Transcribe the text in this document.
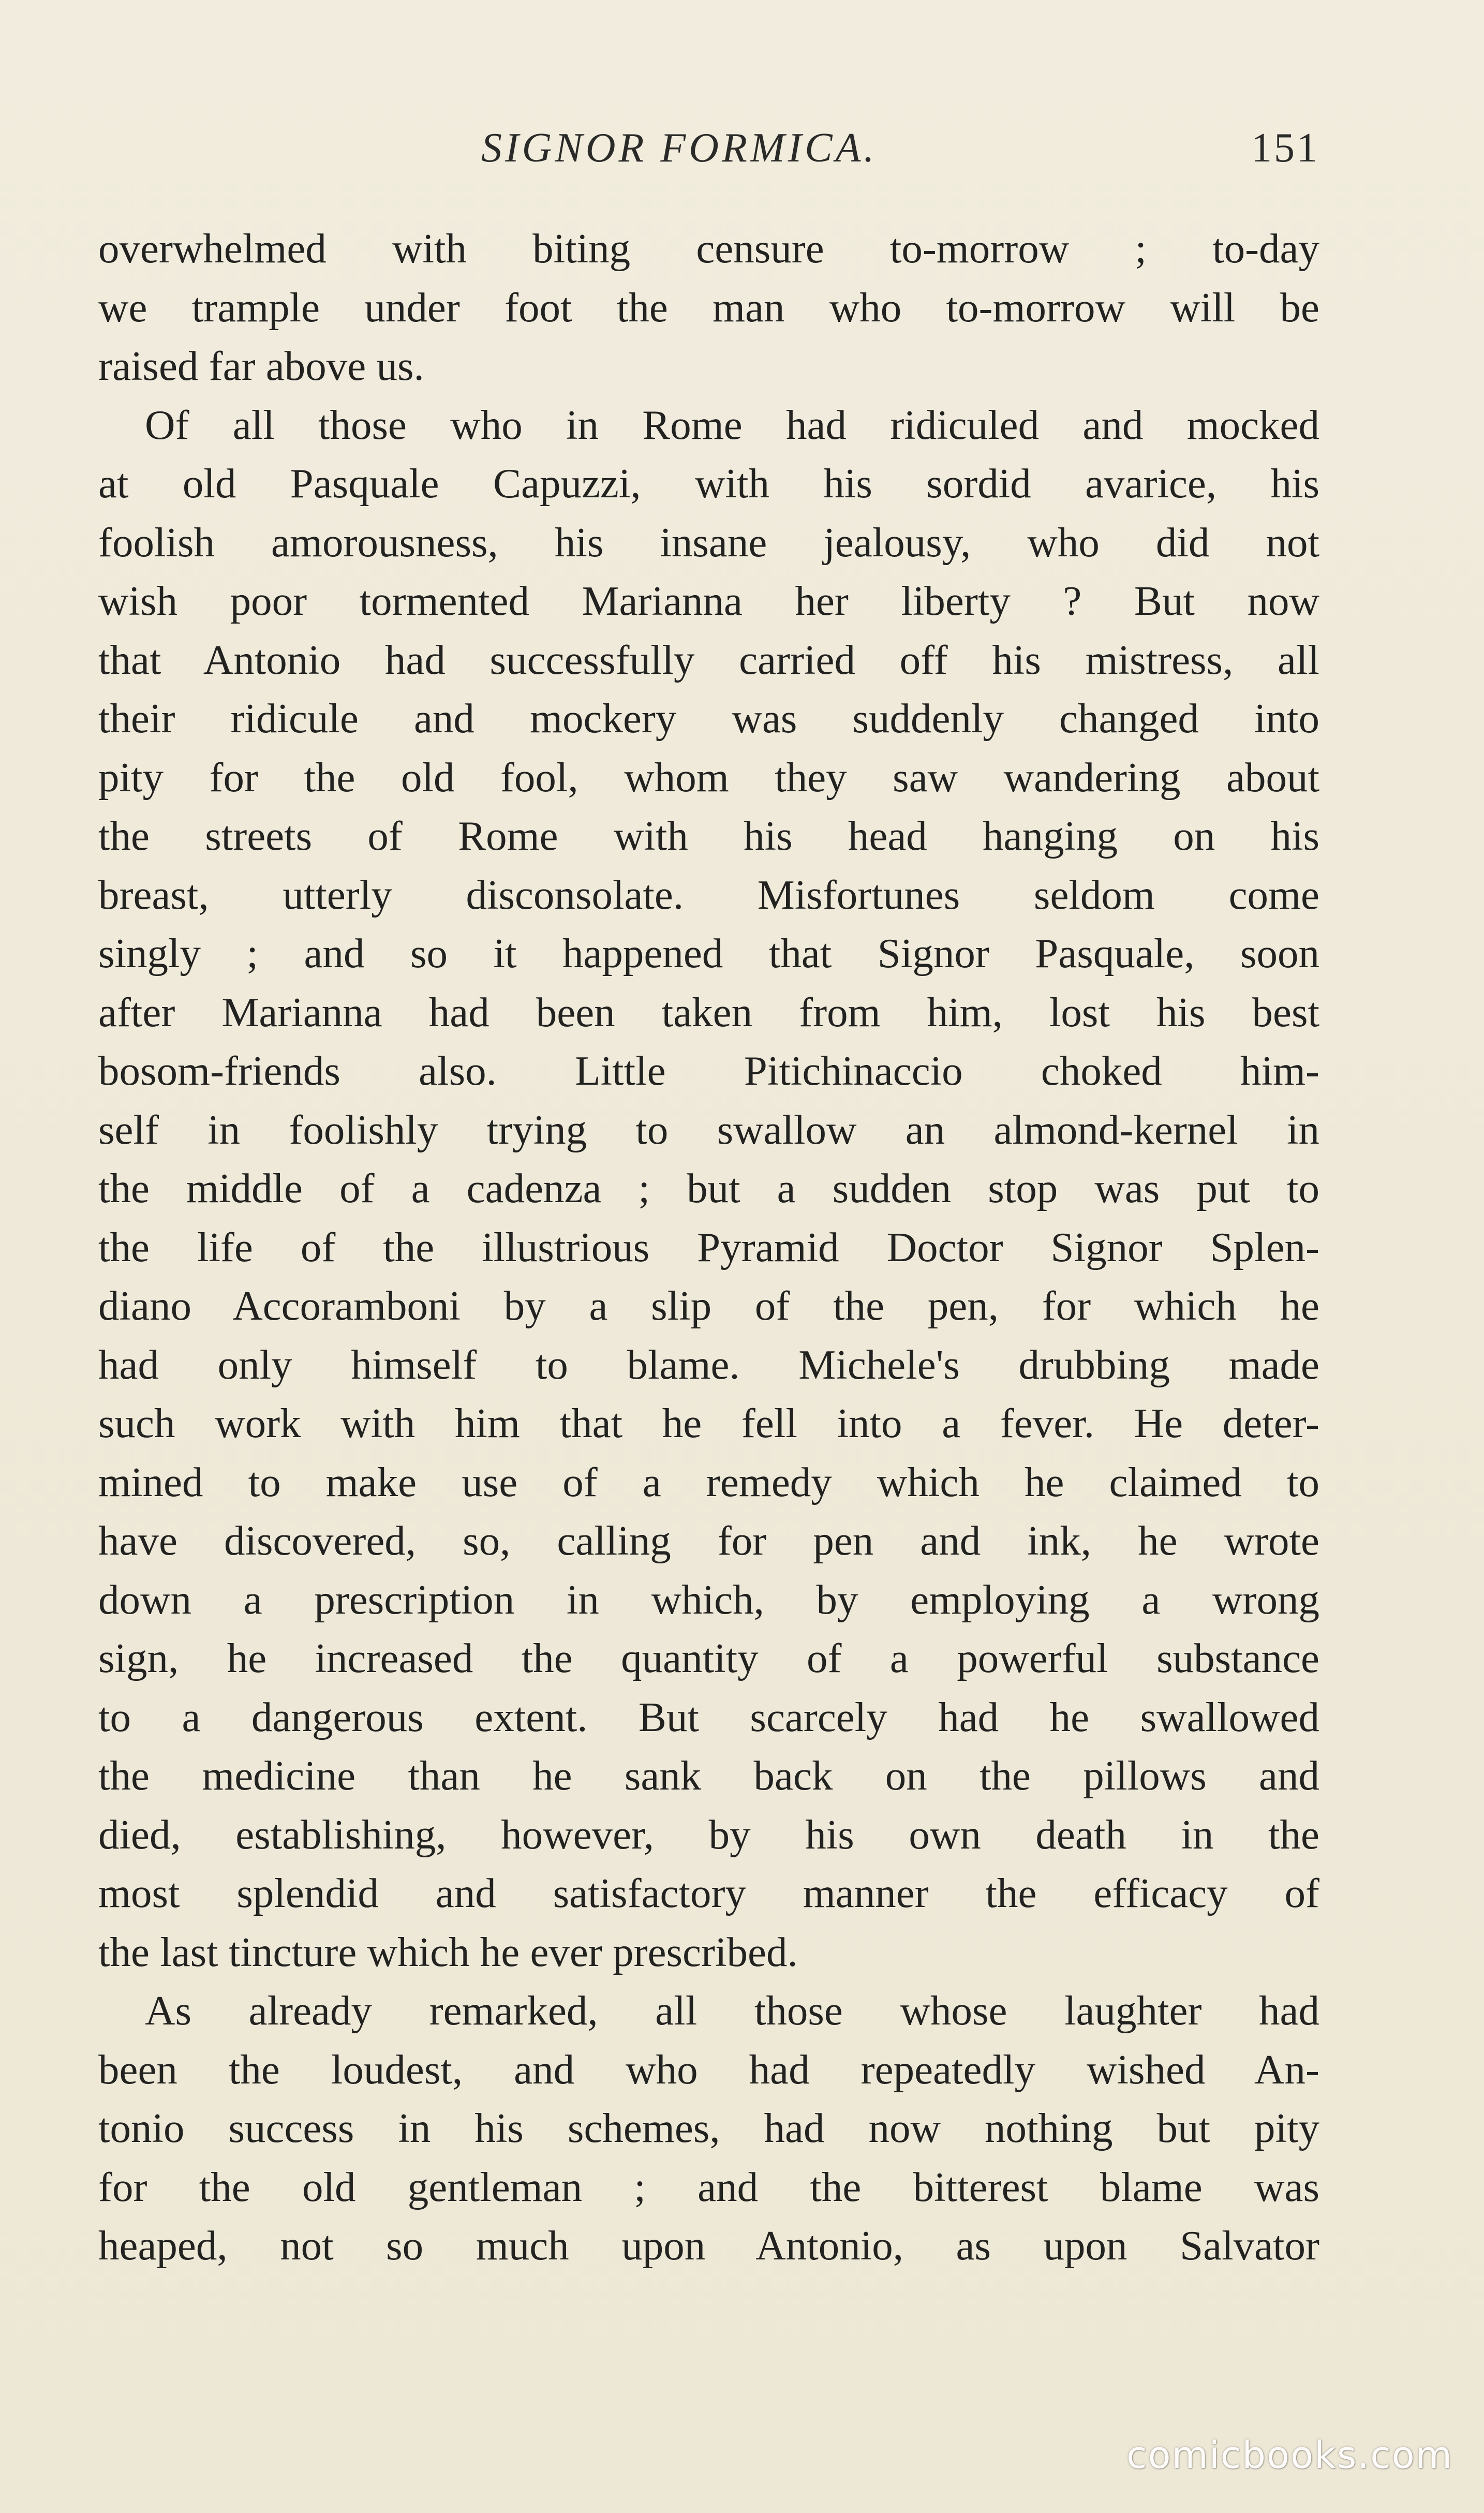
SIGNOR FORMICA.	151
overwhelmed with biting censure to-morrow ; to-day
we trample under foot the man who to-morrow will be
raised far above us.
Of all those who in Rome had ridiculed and mocked
at old Pasquale Capuzzi, with his sordid avarice, his
foolish amorousness, his insane jealousy, who did not
wish poor tormented Marianna her liberty ? But now
that Antonio had successfully carried off his mistress, all
their ridicule and mockery was suddenly changed into
pity for the old fool, whom they saw wandering about
the streets of Rome with his head hanging on his
breast, utterly disconsolate. Misfortunes seldom come
singly ; and so it happened that Signor Pasquale, soon
after Marianna had been taken from him, lost his best
bosom-friends also. Little Pitichinaccio choked him-
self in foolishly trying to swallow an almond-kernel in
the middle of a cadenza ; but a sudden stop was put to
the life of the illustrious Pyramid Doctor Signor Splen-
diano Accoramboni by a slip of the pen, for which he
had only himself to blame. Michele's drubbing made
such work with him that he fell into a fever. He deter-
mined to make use of a remedy which he claimed to
have discovered, so, calling for pen and ink, he wrote
down a prescription in which, by employing a wrong
sign, he increased the quantity of a powerful substance
to a dangerous extent. But scarcely had he swallowed
the medicine than he sank back on the pillows and
died, establishing, however, by his own death in the
most splendid and satisfactory manner the efficacy of
the last tincture which he ever prescribed.
As already remarked, all those whose laughter had
been the loudest, and who had repeatedly wished An-
tonio success in his schemes, had now nothing but pity
for the old gentleman ; and the bitterest blame was
heaped, not so much upon Antonio, as upon Salvator
comicbooks.com
